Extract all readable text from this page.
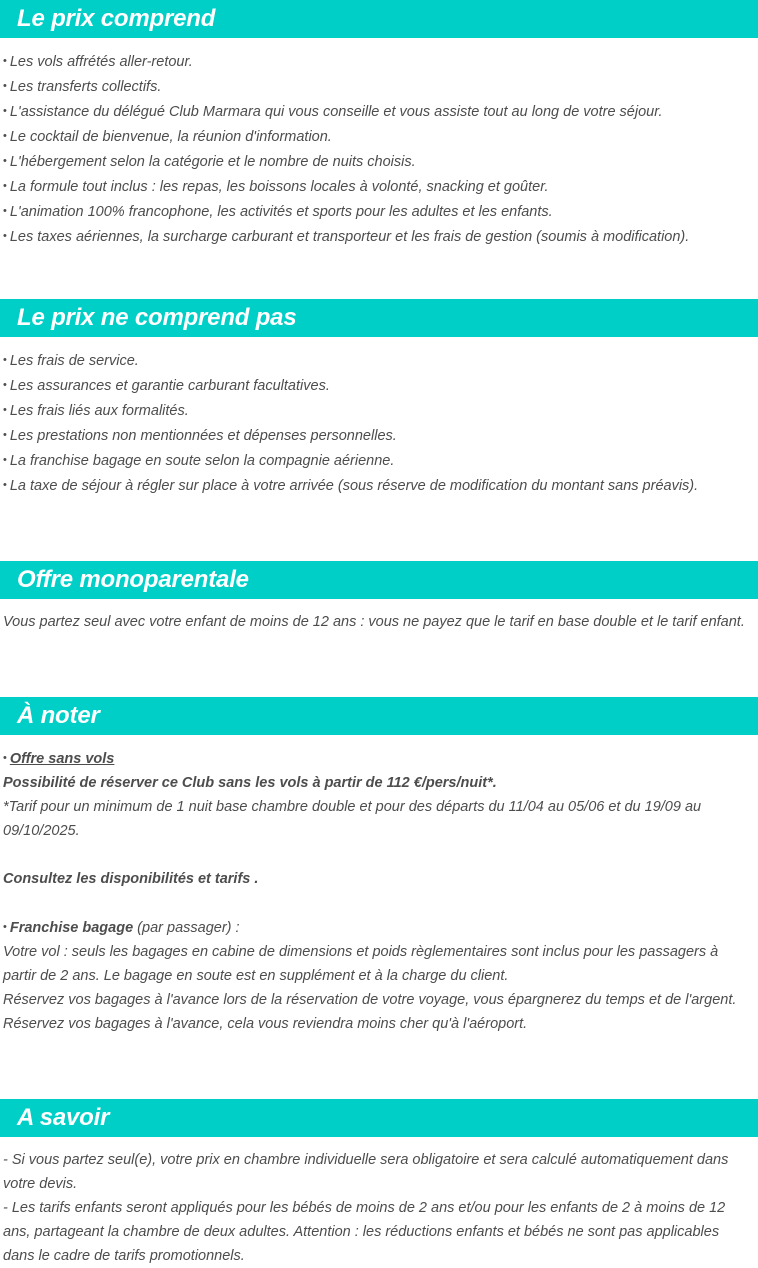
Le prix comprend

• Les vols affrétés aller-retour.

• Les transferts collectifs.

• L'assistance du délégué Club Marmara qui vous conseille et vous assiste tout au long de votre séjour.

• Le cocktail de bienvenue, la réunion d'information.

• L'hébergement selon la catégorie et le nombre de nuits choisis.

• La formule tout inclus : les repas, les boissons locales à volonté, snacking et goûter.

• L'animation 100% francophone, les activités et sports pour les adultes et les enfants.

• Les taxes aériennes, la surcharge carburant et transporteur et les frais de gestion (soumis à modification).

Le prix ne comprend pas

• Les frais de service.

• Les assurances et garantie carburant facultatives.

• Les frais liés aux formalités.

• Les prestations non mentionnées et dépenses personnelles.

• La franchise bagage en soute selon la compagnie aérienne.

• La taxe de séjour à régler sur place à votre arrivée (sous réserve de modification du montant sans préavis).

Offre monoparentale

Vous partez seul avec votre enfant de moins de 12 ans : vous ne payez que le tarif en base double et le tarif enfant.

À noter

• Offre sans vols

Possibilité de réserver ce Club sans les vols à partir de 112 €/pers/nuit*.

*Tarif pour un minimum de 1 nuit base chambre double et pour des départs du 11/04 au 05/06 et du 19/09 au 09/10/2025.

Consultez les disponibilités et tarifs .

• Franchise bagage (par passager) :

Votre vol : seuls les bagages en cabine de dimensions et poids règlementaires sont inclus pour les passagers à partir de 2 ans. Le bagage en soute est en supplément et à la charge du client.

Réservez vos bagages à l'avance lors de la réservation de votre voyage, vous épargnerez du temps et de l'argent.

Réservez vos bagages à l'avance, cela vous reviendra moins cher qu'à l'aéroport.

A savoir

- Si vous partez seul(e), votre prix en chambre individuelle sera obligatoire et sera calculé automatiquement dans votre devis.

- Les tarifs enfants seront appliqués pour les bébés de moins de 2 ans et/ou pour les enfants de 2 à moins de 12 ans, partageant la chambre de deux adultes. Attention : les réductions enfants et bébés ne sont pas applicables dans le cadre de tarifs promotionnels.
